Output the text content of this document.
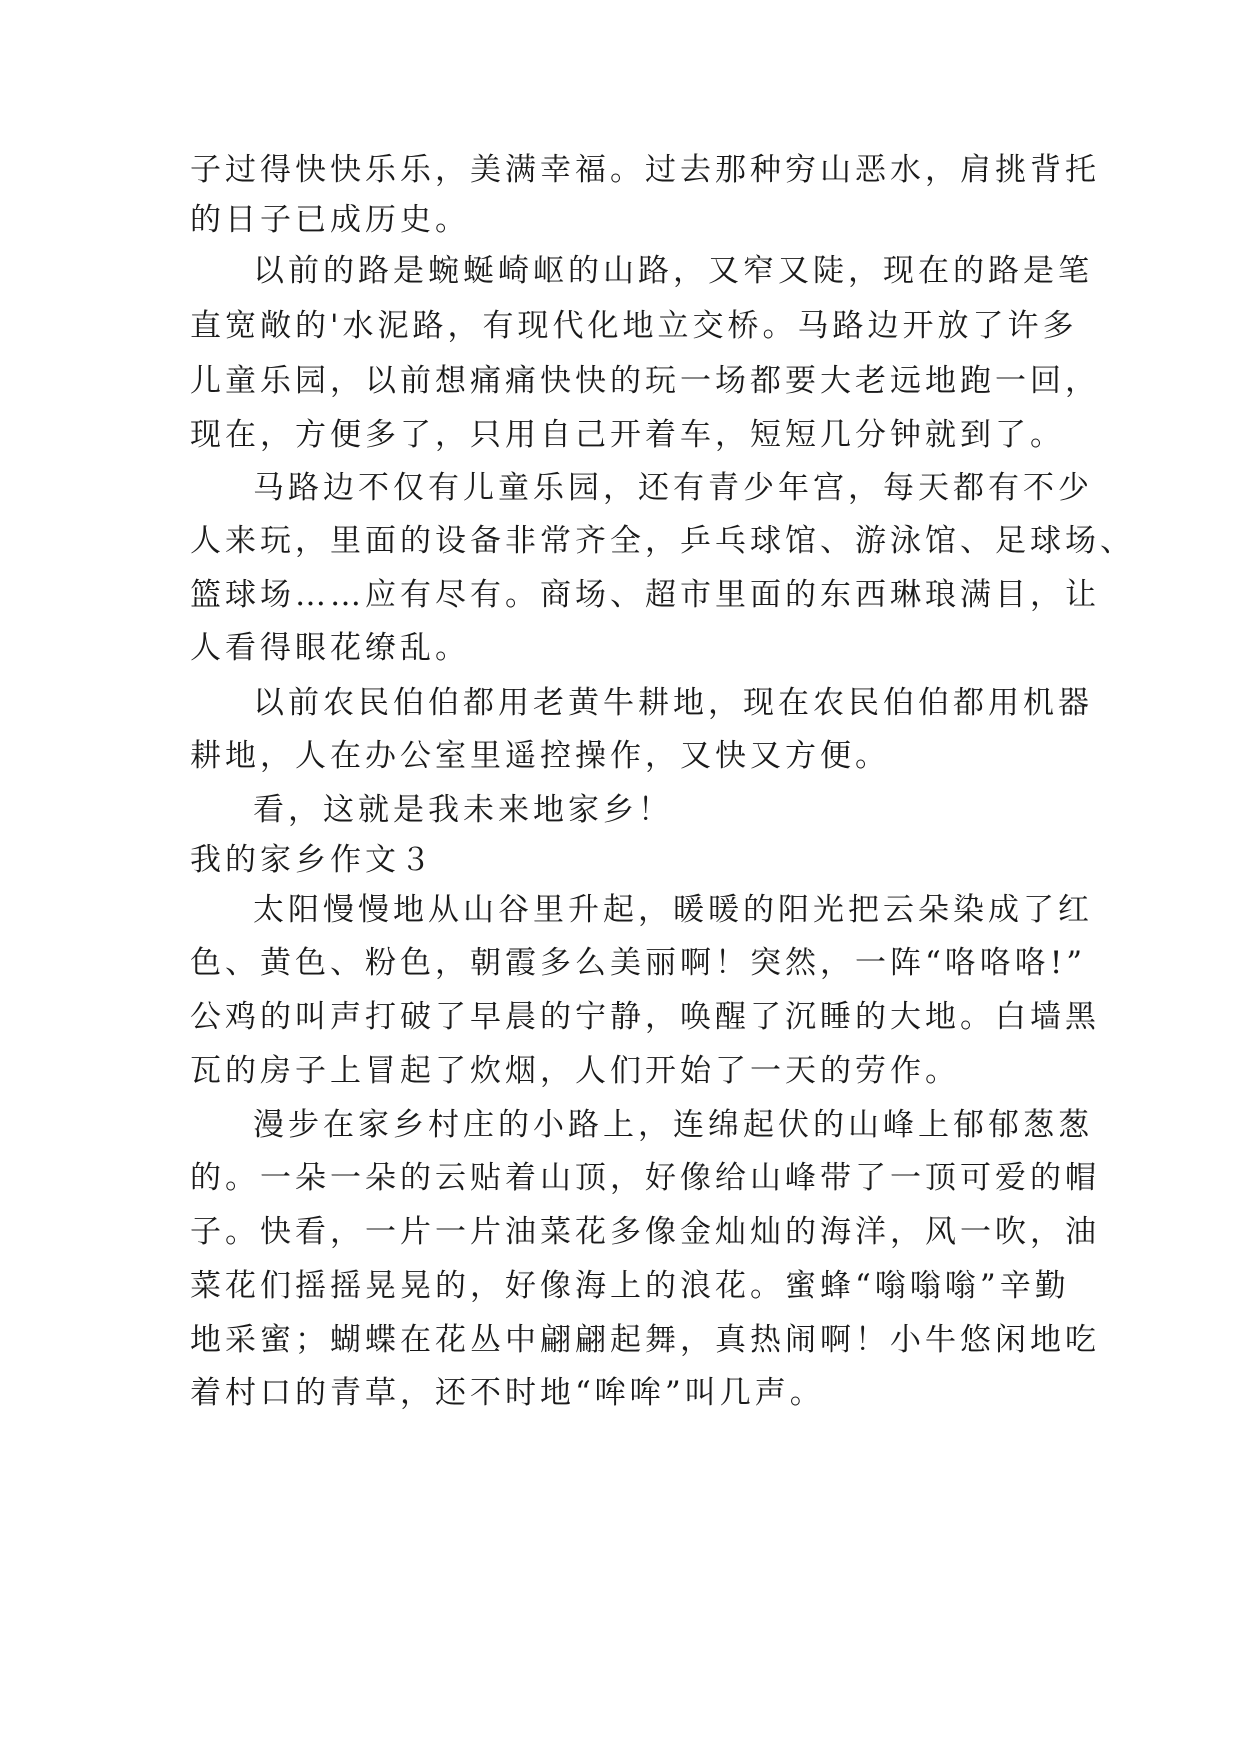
子过得快快乐乐，美满幸福。过去那种穷山恶水，肩挑背托
的日子已成历史。
以前的路是蜿蜒崎岖的山路，又窄又陡，现在的路是笔
直宽敞的'水泥路，有现代化地立交桥。马路边开放了许多
儿童乐园，以前想痛痛快快的玩一场都要大老远地跑一回，
现在，方便多了，只用自己开着车，短短几分钟就到了。
马路边不仅有儿童乐园，还有青少年宫，每天都有不少
人来玩，里面的设备非常齐全，乒乓球馆、游泳馆、足球场、
篮球场……应有尽有。商场、超市里面的东西琳琅满目，让
人看得眼花缭乱。
以前农民伯伯都用老黄牛耕地，现在农民伯伯都用机器
耕地，人在办公室里遥控操作，又快又方便。
看，这就是我未来地家乡！
我的家乡作文３
太阳慢慢地从山谷里升起，暖暖的阳光把云朵染成了红
色、黄色、粉色，朝霞多么美丽啊！突然，一阵“咯咯咯!”
公鸡的叫声打破了早晨的宁静，唤醒了沉睡的大地。白墙黑
瓦的房子上冒起了炊烟，人们开始了一天的劳作。
漫步在家乡村庄的小路上，连绵起伏的山峰上郁郁葱葱
的。一朵一朵的云贴着山顶，好像给山峰带了一顶可爱的帽
子。快看，一片一片油菜花多像金灿灿的海洋，风一吹，油
菜花们摇摇晃晃的，好像海上的浪花。蜜蜂“嗡嗡嗡”辛勤
地采蜜；蝴蝶在花丛中翩翩起舞，真热闹啊！小牛悠闲地吃
着村口的青草，还不时地“哞哞”叫几声。
